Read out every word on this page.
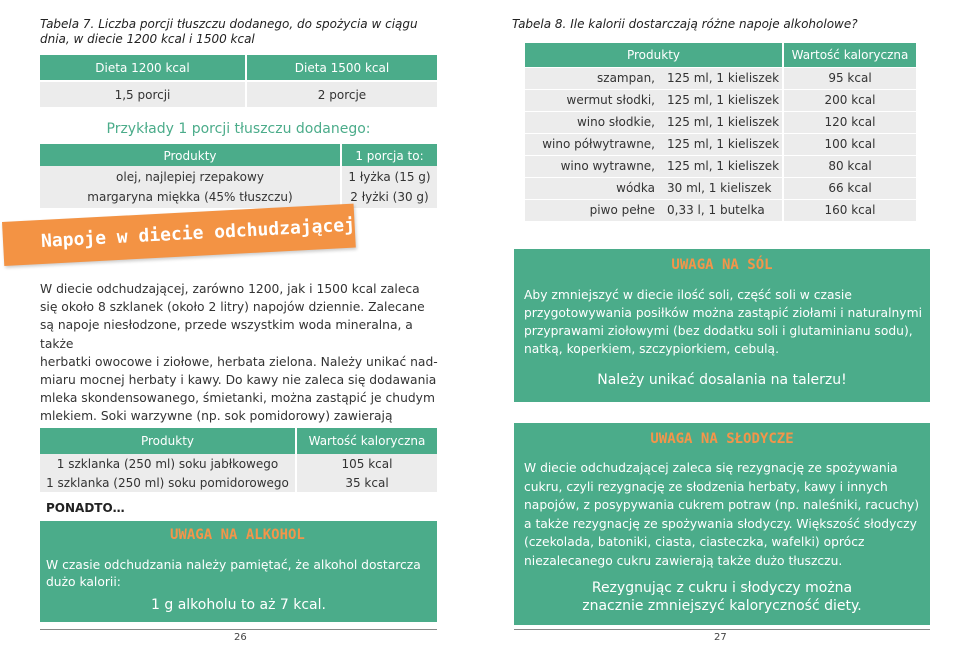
Tabela 7. Liczba porcji tłuszczu dodanego, do spożycia w ciągu dnia, w diecie 1200 kcal i 1500 kcal
Dieta 1200 kcal	Dieta 1500 kcal
1,5 porcji	2 porcje
Przykłady 1 porcji tłuszczu dodanego:
Produkty	1 porcja to:
olej, najlepiej rzepakowy	1 łyżka (15 g)
margaryna miękka (45% tłuszczu)	2 łyżki (30 g)
Napoje w diecie odchudzającej
W diecie odchudzającej, zarówno 1200, jak i 1500 kcal zaleca
się około 8 szklanek (około 2 litry) napojów dziennie. Zalecane
są napoje niesłodzone, przede wszystkim woda mineralna, a także
herbatki owocowe i ziołowe, herbata zielona. Należy unikać nad-
miaru mocnej herbaty i kawy. Do kawy nie zaleca się dodawania
mleka skondensowanego, śmietanki, można zastąpić je chudym
mlekiem. Soki warzywne (np. sok pomidorowy) zawierają
Produkty	Wartość kaloryczna
1 szklanka (250 ml) soku jabłkowego	105 kcal
1 szklanka (250 ml) soku pomidorowego	35 kcal
PONADTO…
UWAGA NA ALKOHOL
W czasie odchudzania należy pamiętać, że alkohol dostarcza
dużo kalorii:
1 g alkoholu to aż 7 kcal.
26
Tabela 8. Ile kalorii dostarczają różne napoje alkoholowe?
Produkty	Wartość kaloryczna
szampan,	125 ml, 1 kieliszek	95 kcal
wermut słodki,	125 ml, 1 kieliszek	200 kcal
wino słodkie,	125 ml, 1 kieliszek	120 kcal
wino półwytrawne,	125 ml, 1 kieliszek	100 kcal
wino wytrawne,	125 ml, 1 kieliszek	80 kcal
wódka	30 ml, 1 kieliszek	66 kcal
piwo pełne	0,33 l, 1 butelka	160 kcal
UWAGA NA SÓL
Aby zmniejszyć w diecie ilość soli, część soli w czasie
przygotowywania posiłków można zastąpić ziołami i naturalnymi
przyprawami ziołowymi (bez dodatku soli i glutaminianu sodu),
natką, koperkiem, szczypiorkiem, cebulą.
Należy unikać dosalania na talerzu!
UWAGA NA SŁODYCZE
W diecie odchudzającej zaleca się rezygnację ze spożywania
cukru, czyli rezygnację ze słodzenia herbaty, kawy i innych
napojów, z posypywania cukrem potraw (np. naleśniki, racuchy)
a także rezygnację ze spożywania słodyczy. Większość słodyczy
(czekolada, batoniki, ciasta, ciasteczka, wafelki) oprócz
niezalecanego cukru zawierają także dużo tłuszczu.
Rezygnując z cukru i słodyczy można
znacznie zmniejszyć kaloryczność diety.
27
